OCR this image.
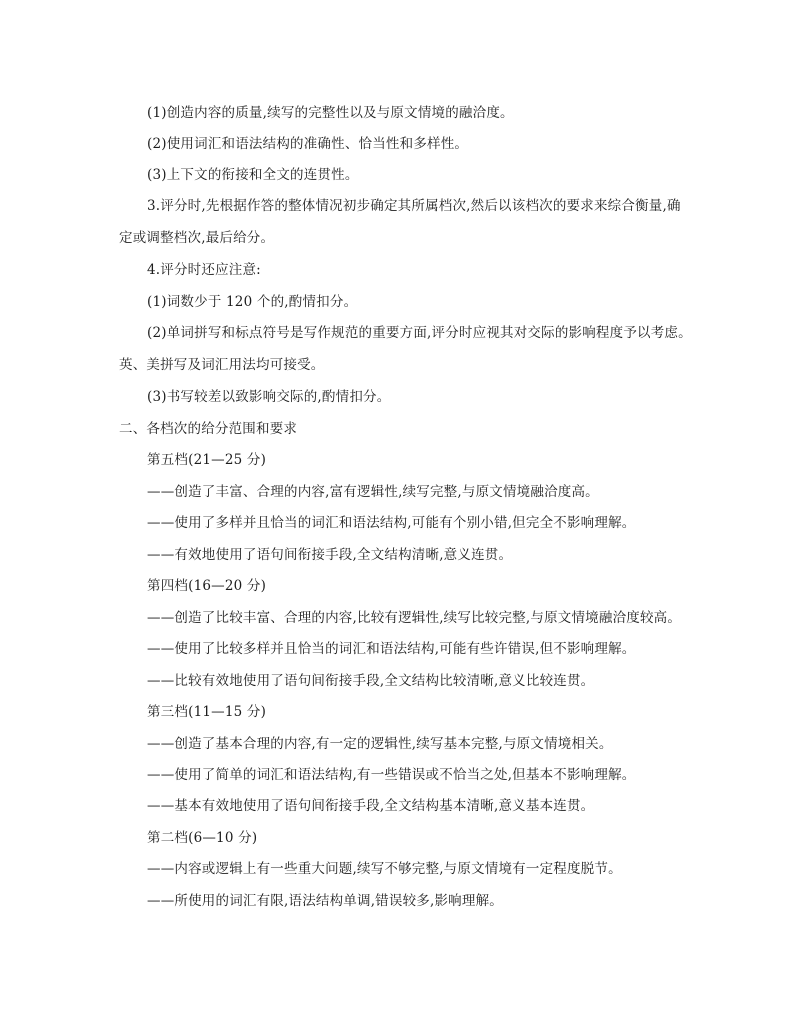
(1)创造内容的质量,续写的完整性以及与原文情境的融洽度。
(2)使用词汇和语法结构的准确性、恰当性和多样性。
(3)上下文的衔接和全文的连贯性。
3.评分时,先根据作答的整体情况初步确定其所属档次,然后以该档次的要求来综合衡量,确
定或调整档次,最后给分。
4.评分时还应注意:
(1)词数少于 120 个的,酌情扣分。
(2)单词拼写和标点符号是写作规范的重要方面,评分时应视其对交际的影响程度予以考虑。
英、美拼写及词汇用法均可接受。
(3)书写较差以致影响交际的,酌情扣分。
二、各档次的给分范围和要求
第五档(21—25 分)
——创造了丰富、合理的内容,富有逻辑性,续写完整,与原文情境融洽度高。
——使用了多样并且恰当的词汇和语法结构,可能有个别小错,但完全不影响理解。
——有效地使用了语句间衔接手段,全文结构清晰,意义连贯。
第四档(16—20 分)
——创造了比较丰富、合理的内容,比较有逻辑性,续写比较完整,与原文情境融洽度较高。
——使用了比较多样并且恰当的词汇和语法结构,可能有些许错误,但不影响理解。
——比较有效地使用了语句间衔接手段,全文结构比较清晰,意义比较连贯。
第三档(11—15 分)
——创造了基本合理的内容,有一定的逻辑性,续写基本完整,与原文情境相关。
——使用了简单的词汇和语法结构,有一些错误或不恰当之处,但基本不影响理解。
——基本有效地使用了语句间衔接手段,全文结构基本清晰,意义基本连贯。
第二档(6—10 分)
——内容或逻辑上有一些重大问题,续写不够完整,与原文情境有一定程度脱节。
——所使用的词汇有限,语法结构单调,错误较多,影响理解。
